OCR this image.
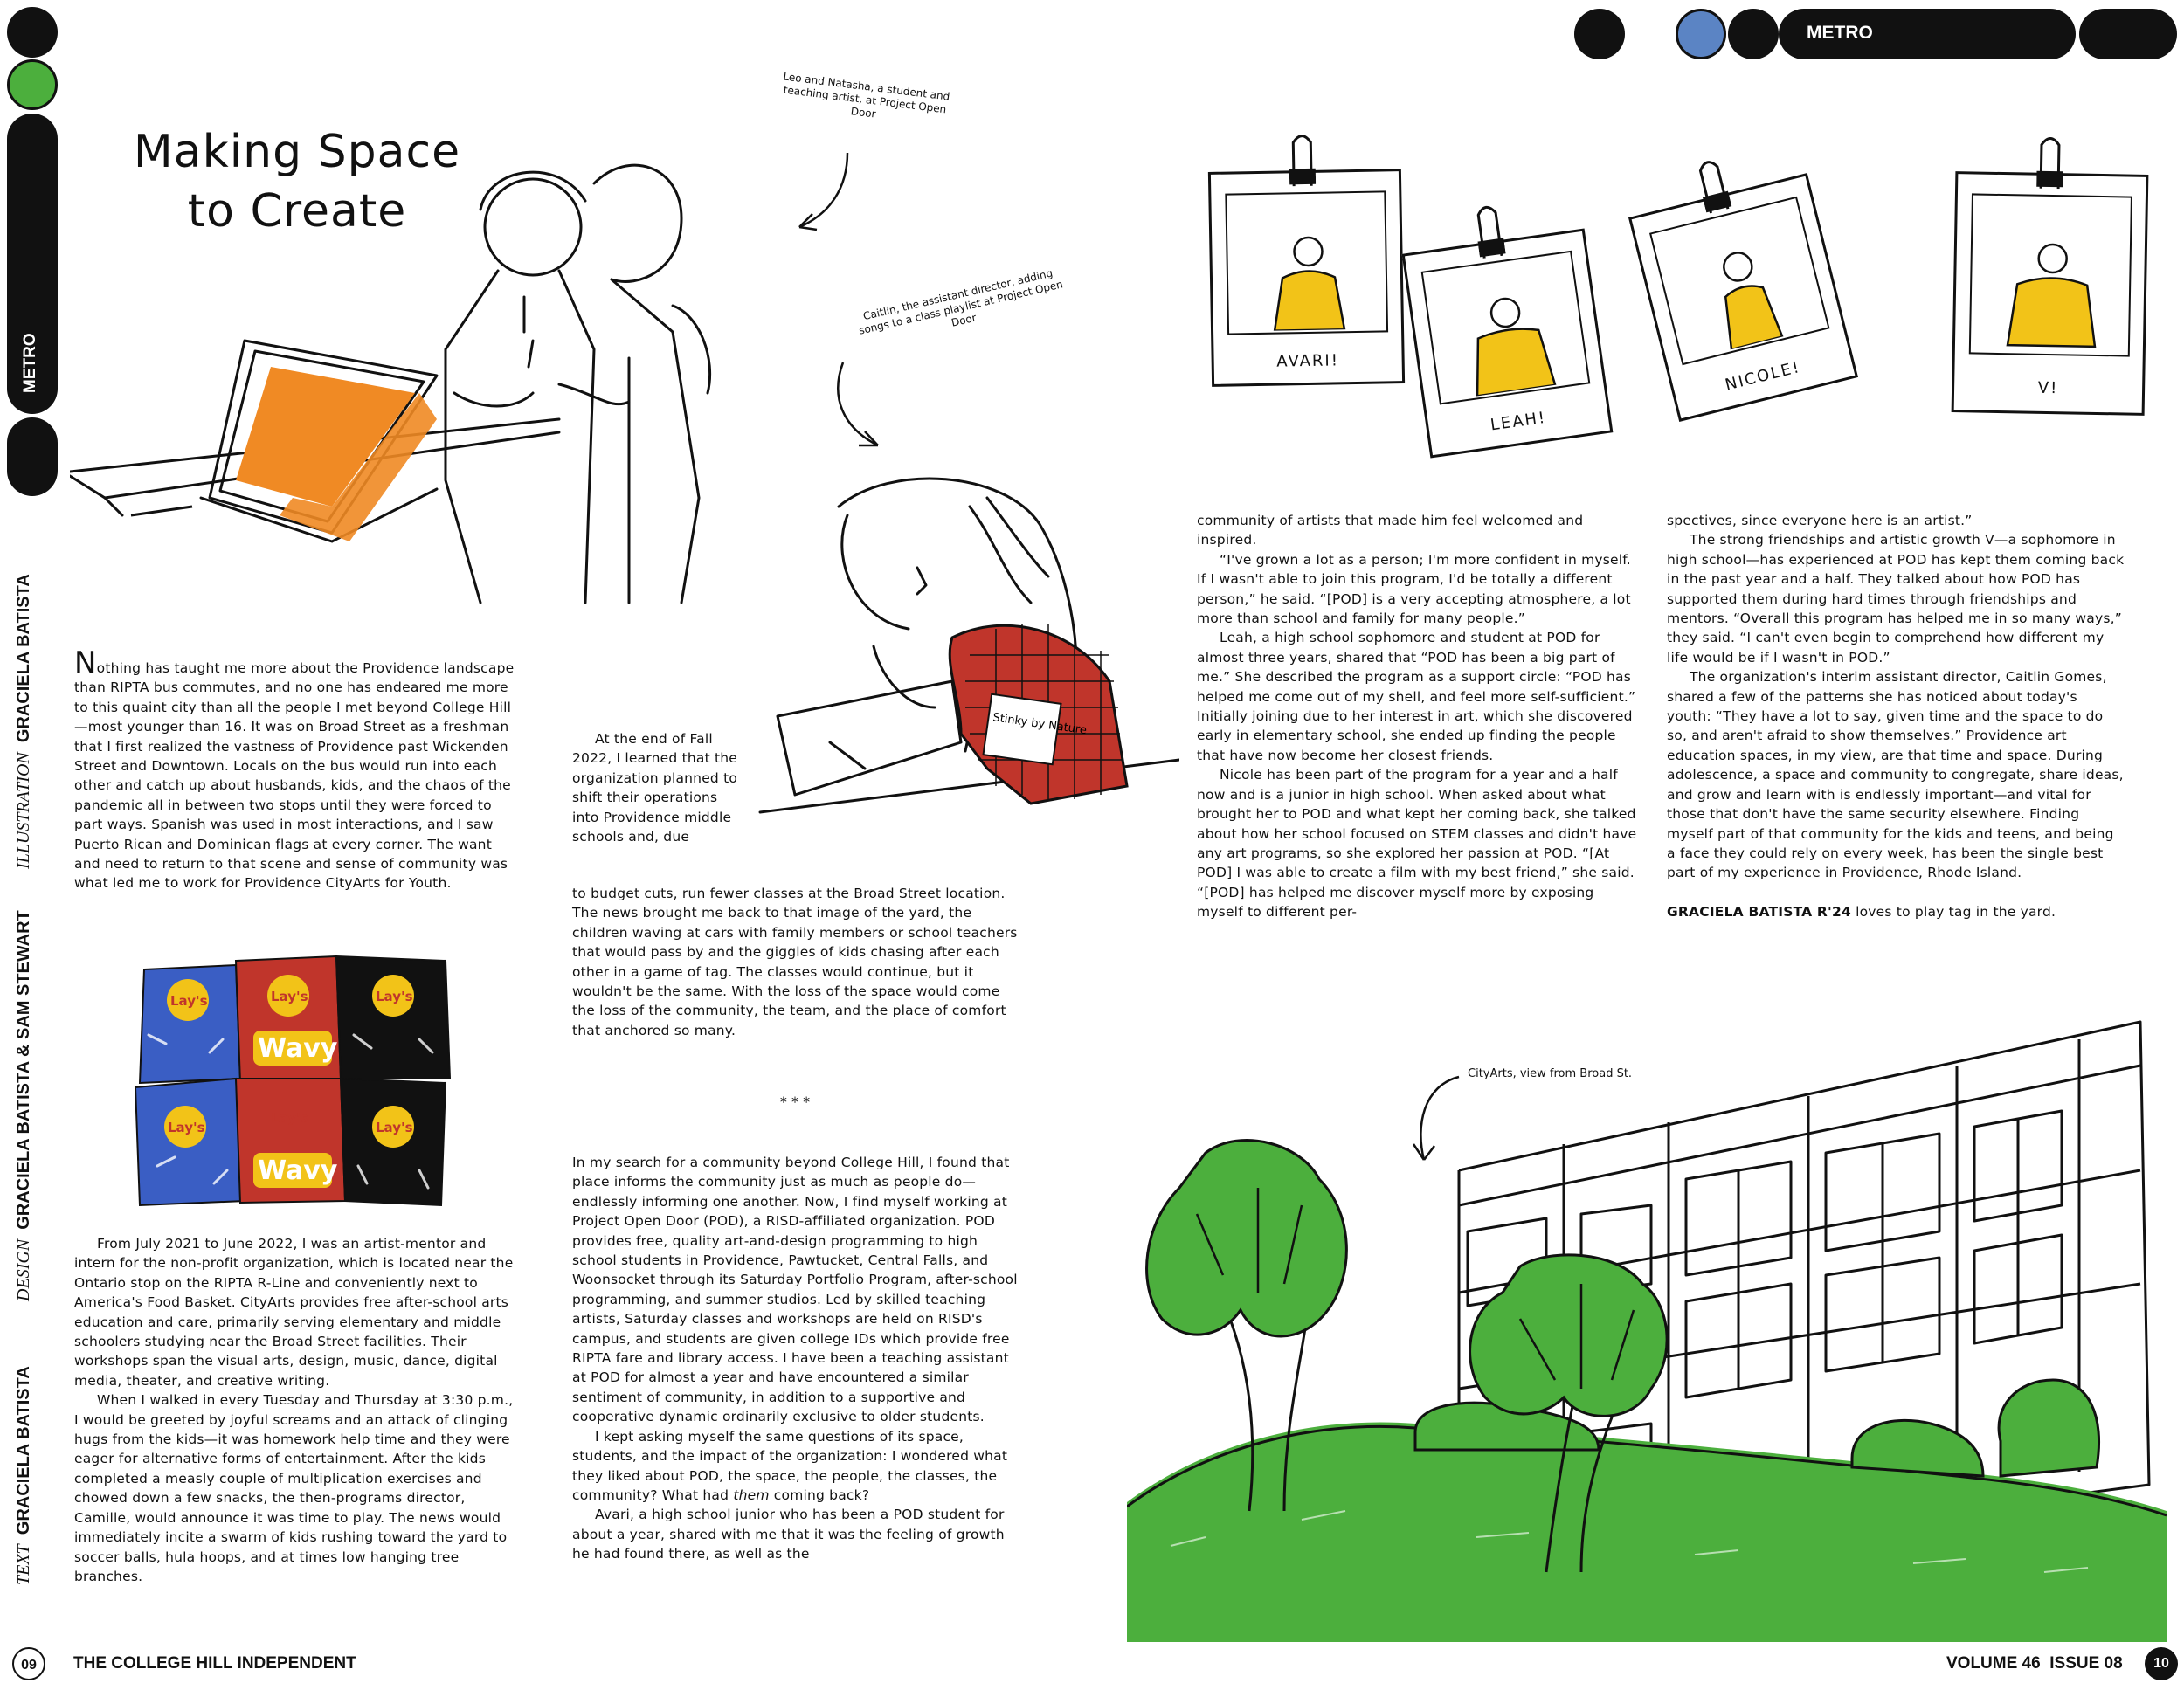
METRO
ILLUSTRATION  GRACIELA BATISTA
DESIGN  GRACIELA BATISTA & SAM STEWART
TEXT  GRACIELA BATISTA
METRO
Making Space
to Create
Leo and Natasha, a student and teaching artist, at Project Open Door
Caitlin, the assistant director, adding songs to a class playlist at Project Open Door
Stinky by Nature

Nothing has taught me more about the Providence landscape than RIPTA bus commutes, and no one has endeared me more to this quaint city than all the people I met beyond College Hill—most younger than 16. It was on Broad Street as a freshman that I first realized the vastness of Providence past Wickenden Street and Downtown. Locals on the bus would run into each other and catch up about husbands, kids, and the chaos of the pandemic all in between two stops until they were forced to part ways. Spanish was used in most interactions, and I saw Puerto Rican and Dominican flags at every corner. The want and need to return to that scene and sense of community was what led me to work for Providence CityArts for Youth.

Lay's	Lay's	Lay's
Lay's
Lay's
Lay's
Wavy
Wavy

From July 2021 to June 2022, I was an artist-mentor and intern for the non-profit organization, which is located near the Ontario stop on the RIPTA R-Line and conveniently next to America's Food Basket. CityArts provides free after-school arts education and care, primarily serving elementary and middle schoolers studying near the Broad Street facilities. Their workshops span the visual arts, design, music, dance, digital media, theater, and creative writing.

When I walked in every Tuesday and Thursday at 3:30 p.m., I would be greeted by joyful screams and an attack of clinging hugs from the kids—it was homework help time and they were eager for alternative forms of entertainment. After the kids completed a measly couple of multiplication exercises and chowed down a few snacks, the then-programs director, Camille, would announce it was time to play. The news would immediately incite a swarm of kids rushing toward the yard to soccer balls, hula hoops, and at times low hanging tree branches.

At the end of Fall 2022, I learned that the organization planned to shift their operations into Providence middle schools and, due

to budget cuts, run fewer classes at the Broad Street location. The news brought me back to that image of the yard, the children waving at cars with family members or school teachers that would pass by and the giggles of kids chasing after each other in a game of tag. The classes would continue, but it wouldn't be the same. With the loss of the space would come the loss of the community, the team, and the place of comfort that anchored so many.

* * *

In my search for a community beyond College Hill, I found that place informs the community just as much as people do—endlessly informing one another. Now, I find myself working at Project Open Door (POD), a RISD-affiliated organization. POD provides free, quality art-and-design programming to high school students in Providence, Pawtucket, Central Falls, and Woonsocket through its Saturday Portfolio Program, after-school programming, and summer studios. Led by skilled teaching artists, Saturday classes and workshops are held on RISD's campus, and students are given college IDs which provide free RIPTA fare and library access. I have been a teaching assistant at POD for almost a year and have encountered a similar sentiment of community, in addition to a supportive and cooperative dynamic ordinarily exclusive to older students.

I kept asking myself the same questions of its space, students, and the impact of the organization: I wondered what they liked about POD, the space, the people, the classes, the community? What had them coming back?

Avari, a high school junior who has been a POD student for about a year, shared with me that it was the feeling of growth he had found there, as well as the

AVARI!
LEAH!
NICOLE!	V!

community of artists that made him feel welcomed and inspired.

“I've grown a lot as a person; I'm more confident in myself. If I wasn't able to join this program, I'd be totally a different person,” he said. “[POD] is a very accepting atmosphere, a lot more than school and family for many people.”

Leah, a high school sophomore and student at POD for almost three years, shared that “POD has been a big part of me.” She described the program as a support circle: “POD has helped me come out of my shell, and feel more self-sufficient.” Initially joining due to her interest in art, which she discovered early in elementary school, she ended up finding the people that have now become her closest friends.

Nicole has been part of the program for a year and a half now and is a junior in high school. When asked about what brought her to POD and what kept her coming back, she talked about how her school focused on STEM classes and didn't have any art programs, so she explored her passion at POD. “[At POD] I was able to create a film with my best friend,” she said. “[POD] has helped me discover myself more by exposing myself to different per-

spectives, since everyone here is an artist.”

The strong friendships and artistic growth V—a sophomore in high school—has experienced at POD has kept them coming back in the past year and a half. They talked about how POD has supported them during hard times through friendships and mentors. “Overall this program has helped me in so many ways,” they said. “I can't even begin to comprehend how different my life would be if I wasn't in POD.”

The organization's interim assistant director, Caitlin Gomes, shared a few of the patterns she has noticed about today's youth: “They have a lot to say, given time and the space to do so, and aren't afraid to show themselves.” Providence art education spaces, in my view, are that time and space. During adolescence, a space and community to congregate, share ideas, and grow and learn with is endlessly important—and vital for those that don't have the same security elsewhere. Finding myself part of that community for the kids and teens, and being a face they could rely on every week, has been the single best part of my experience in Providence, Rhode Island.

GRACIELA BATISTA R'24 loves to play tag in the yard.

CityArts, view from Broad St.
09	THE COLLEGE HILL INDEPENDENT	VOLUME 46  ISSUE 08	10
